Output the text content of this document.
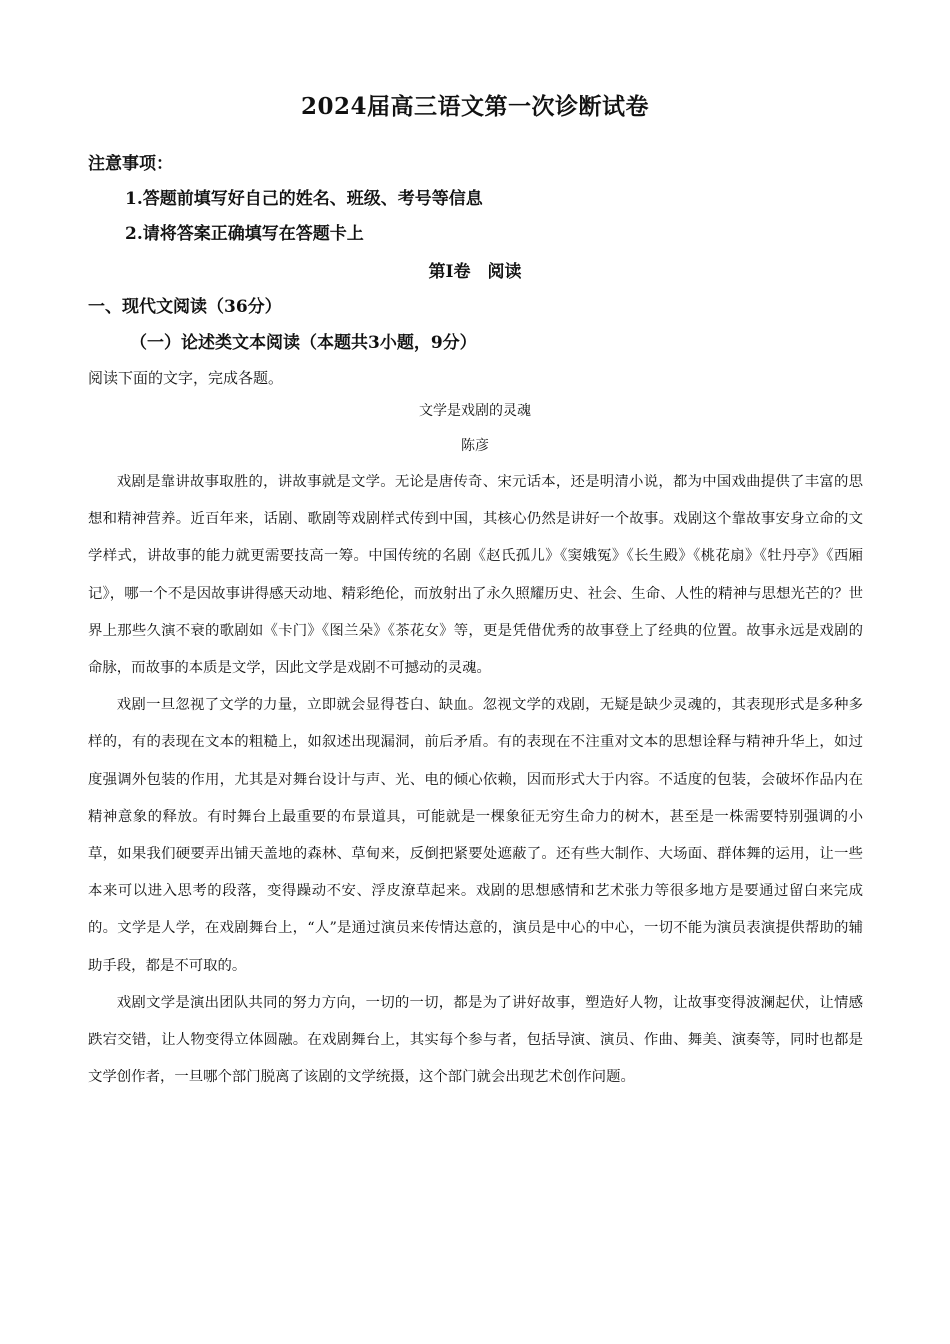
2024届高三语文第一次诊断试卷
注意事项：
1.答题前填写好自己的姓名、班级、考号等信息
2.请将答案正确填写在答题卡上
第Ⅰ卷　阅读
一、现代文阅读（36分）
（一）论述类文本阅读（本题共3小题，9分）
阅读下面的文字，完成各题。
文学是戏剧的灵魂
陈彦

戏剧是靠讲故事取胜的，讲故事就是文学。无论是唐传奇、宋元话本，还是明清小说，都为中国戏曲提供了丰富的思想和精神营养。近百年来，话剧、歌剧等戏剧样式传到中国，其核心仍然是讲好一个故事。戏剧这个靠故事安身立命的文学样式，讲故事的能力就更需要技高一筹。中国传统的名剧《赵氏孤儿》《窦娥冤》《长生殿》《桃花扇》《牡丹亭》《西厢记》，哪一个不是因故事讲得感天动地、精彩绝伦，而放射出了永久照耀历史、社会、生命、人性的精神与思想光芒的？世界上那些久演不衰的歌剧如《卡门》《图兰朵》《茶花女》等，更是凭借优秀的故事登上了经典的位置。故事永远是戏剧的命脉，而故事的本质是文学，因此文学是戏剧不可撼动的灵魂。

戏剧一旦忽视了文学的力量，立即就会显得苍白、缺血。忽视文学的戏剧，无疑是缺少灵魂的，其表现形式是多种多样的，有的表现在文本的粗糙上，如叙述出现漏洞，前后矛盾。有的表现在不注重对文本的思想诠释与精神升华上，如过度强调外包装的作用，尤其是对舞台设计与声、光、电的倾心依赖，因而形式大于内容。不适度的包装，会破坏作品内在精神意象的释放。有时舞台上最重要的布景道具，可能就是一棵象征无穷生命力的树木，甚至是一株需要特别强调的小草，如果我们硬要弄出铺天盖地的森林、草甸来，反倒把紧要处遮蔽了。还有些大制作、大场面、群体舞的运用，让一些本来可以进入思考的段落，变得躁动不安、浮皮潦草起来。戏剧的思想感情和艺术张力等很多地方是要通过留白来完成的。文学是人学，在戏剧舞台上，“人”是通过演员来传情达意的，演员是中心的中心，一切不能为演员表演提供帮助的辅助手段，都是不可取的。

戏剧文学是演出团队共同的努力方向，一切的一切，都是为了讲好故事，塑造好人物，让故事变得波澜起伏，让情感跌宕交错，让人物变得立体圆融。在戏剧舞台上，其实每个参与者，包括导演、演员、作曲、舞美、演奏等，同时也都是文学创作者，一旦哪个部门脱离了该剧的文学统摄，这个部门就会出现艺术创作问题。
